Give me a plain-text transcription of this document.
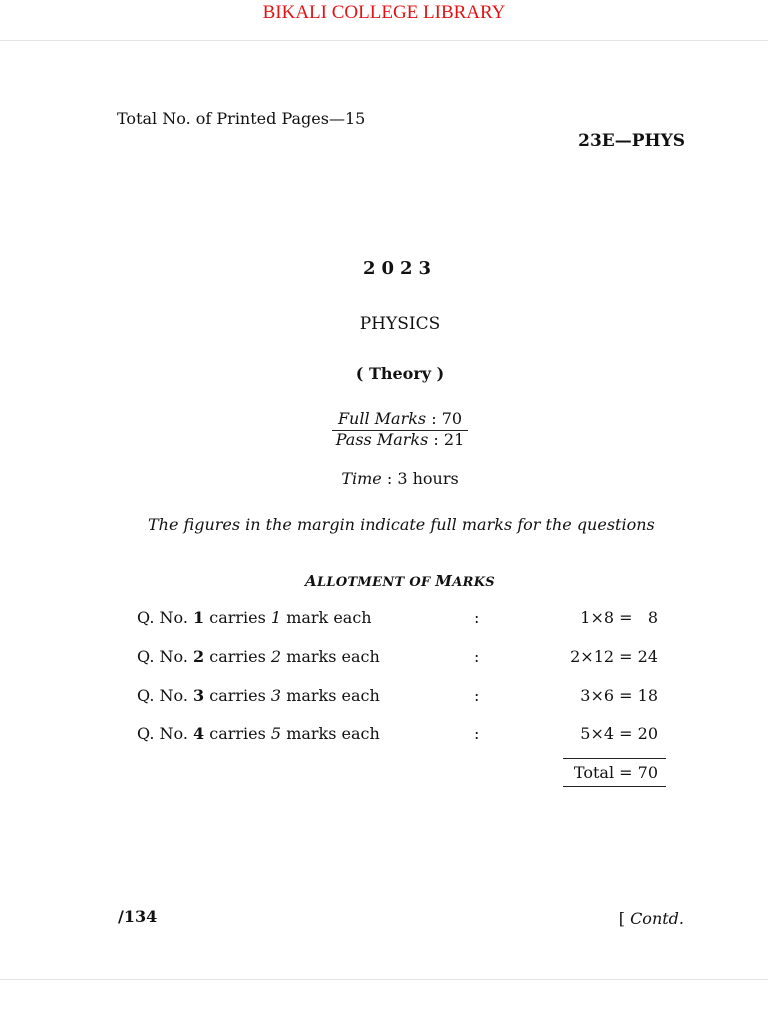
BIKALI COLLEGE LIBRARY
Total No. of Printed Pages—15
23E—PHYS
2023
PHYSICS
( Theory )
Full Marks : 70
Pass Marks : 21
Time : 3 hours
The figures in the margin indicate full marks for the questions
ALLOTMENT OF MARKS
Q. No. 1 carries 1 mark each	:	1×8 =   8
Q. No. 2 carries 2 marks each	:	2×12 = 24
Q. No. 3 carries 3 marks each	:	3×6 = 18
Q. No. 4 carries 5 marks each	:	5×4 = 20
Total = 70
/134	[ Contd.
